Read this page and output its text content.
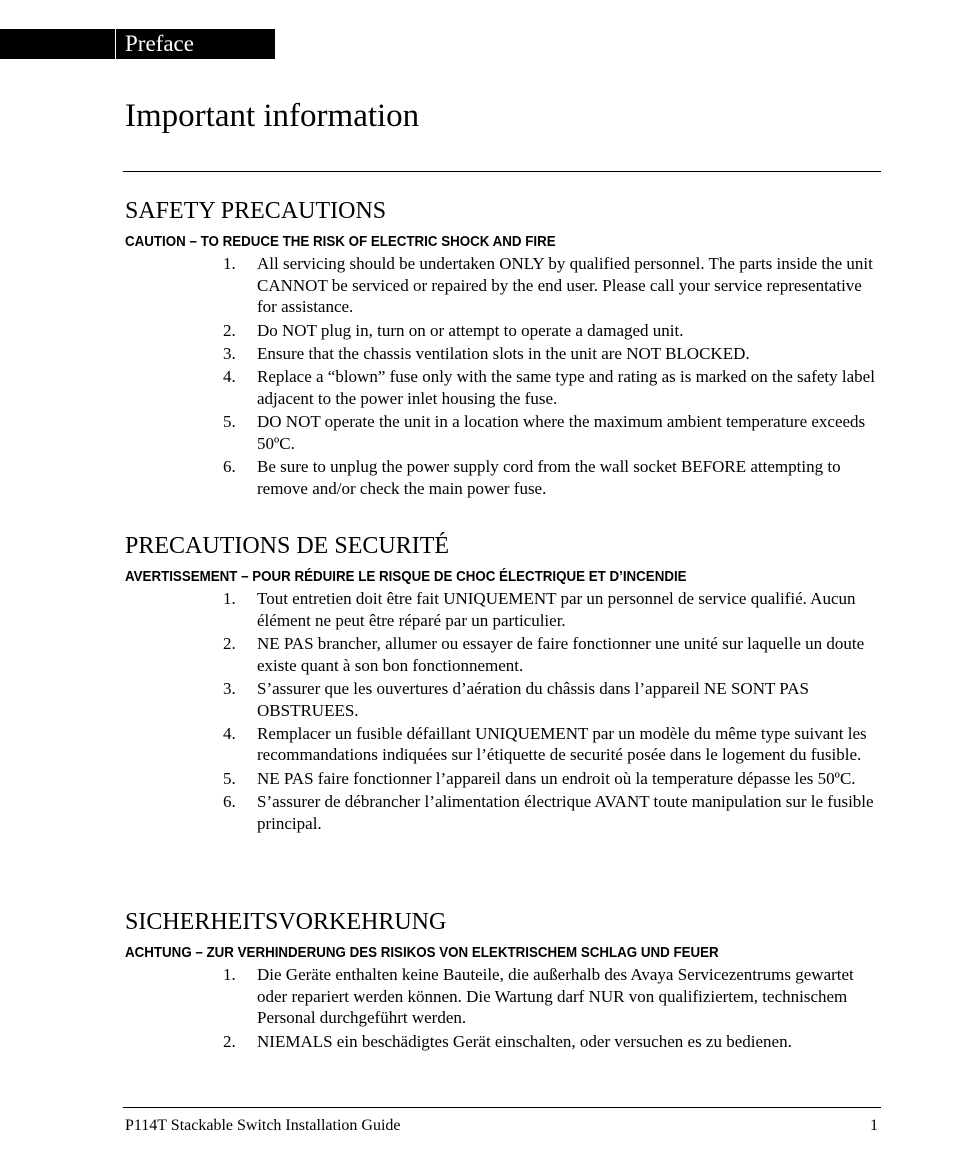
Preface
Important information
SAFETY PRECAUTIONS
CAUTION – TO REDUCE THE RISK OF ELECTRIC SHOCK AND FIRE
1. All servicing should be undertaken ONLY by qualified personnel. The parts inside the unit CANNOT be serviced or repaired by the end user. Please call your service representative for assistance.
2. Do NOT plug in, turn on or attempt to operate a damaged unit.
3. Ensure that the chassis ventilation slots in the unit are NOT BLOCKED.
4. Replace a “blown” fuse only with the same type and rating as is marked on the safety label adjacent to the power inlet housing the fuse.
5. DO NOT operate the unit in a location where the maximum ambient temperature exceeds 50ºC.
6. Be sure to unplug the power supply cord from the wall socket BEFORE attempting to remove and/or check the main power fuse.
PRECAUTIONS DE SECURITÉ
AVERTISSEMENT – POUR RÉDUIRE LE RISQUE DE CHOC ÉLECTRIQUE ET D’INCENDIE
1. Tout entretien doit être fait UNIQUEMENT par un personnel de service qualifié. Aucun élément ne peut être réparé par un particulier.
2. NE PAS brancher, allumer ou essayer de faire fonctionner une unité sur laquelle un doute existe quant à son bon fonctionnement.
3. S’assurer que les ouvertures d’aération du châssis dans l’appareil NE SONT PAS OBSTRUEES.
4. Remplacer un fusible défaillant UNIQUEMENT par un modèle du même type suivant les recommandations indiquées sur l’étiquette de securité posée dans le logement du fusible.
5. NE PAS faire fonctionner l’appareil dans un endroit où la temperature dépasse les 50ºC.
6. S’assurer de débrancher l’alimentation électrique AVANT toute manipulation sur le fusible principal.
SICHERHEITSVORKEHRUNG
ACHTUNG – ZUR VERHINDERUNG DES RISIKOS VON ELEKTRISCHEM SCHLAG UND FEUER
1. Die Geräte enthalten keine Bauteile, die außerhalb des Avaya Servicezentrums gewartet oder repariert werden können. Die Wartung darf NUR von qualifiziertem, technischem Personal durchgeführt werden.
2. NIEMALS ein beschädigtes Gerät einschalten, oder versuchen es zu bedienen.
P114T Stackable Switch Installation Guide	1
